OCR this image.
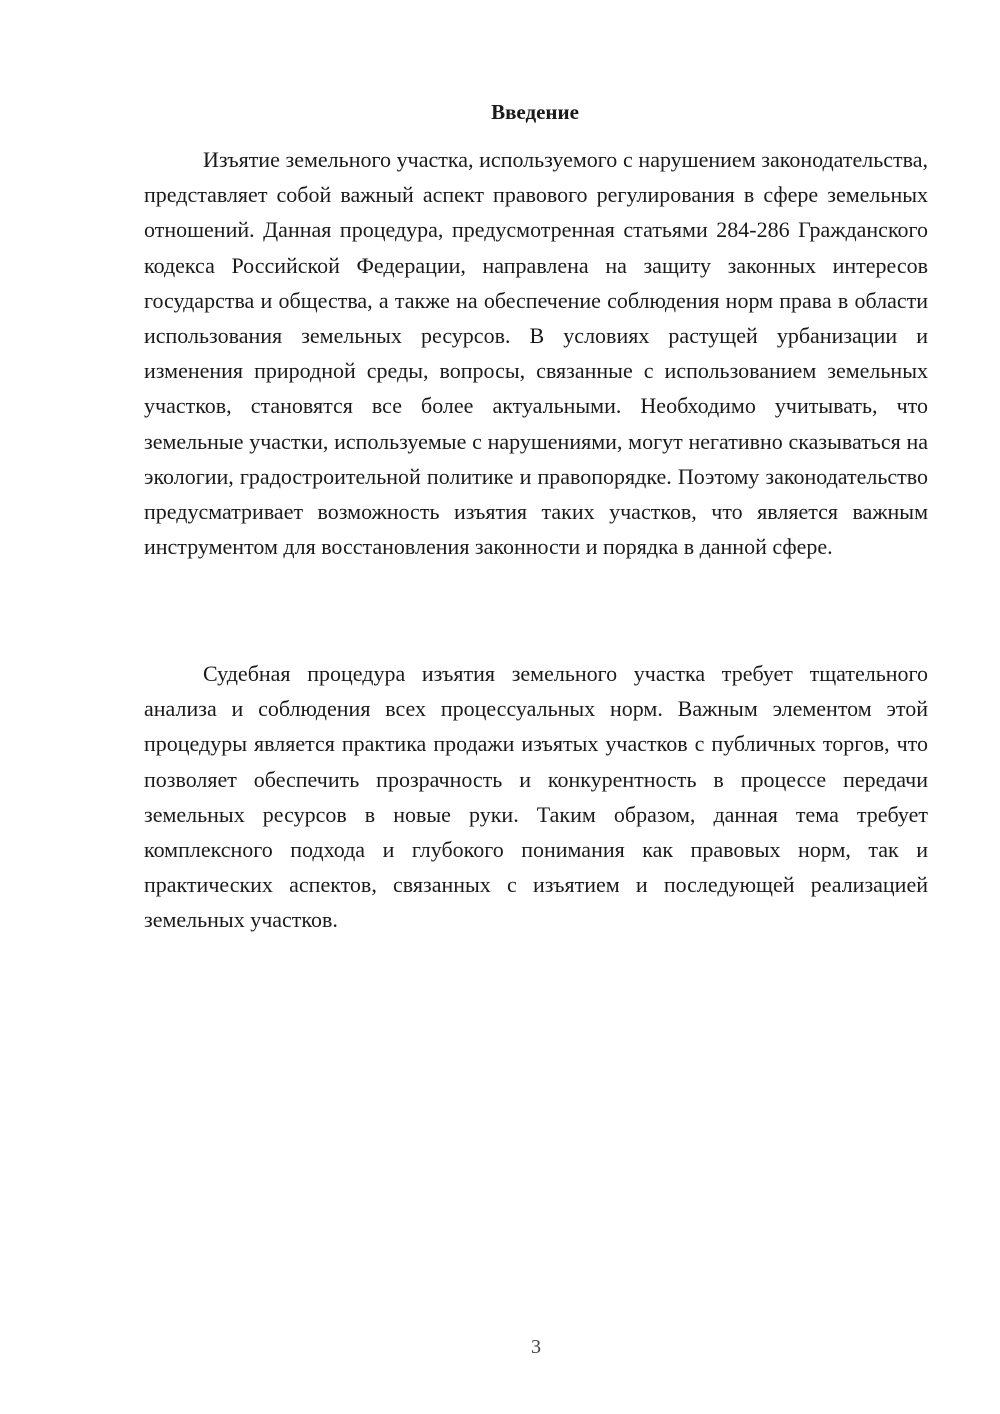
Введение

Изъятие земельного участка, используемого с нарушением законодательства, представляет собой важный аспект правового регулирования в сфере земельных отношений. Данная процедура, предусмотренная статьями 284-286 Гражданского кодекса Российской Федерации, направлена на защиту законных интересов государства и общества, а также на обеспечение соблюдения норм права в области использования земельных ресурсов. В условиях растущей урбанизации и изменения природной среды, вопросы, связанные с использованием земельных участков, становятся все более актуальными. Необходимо учитывать, что земельные участки, используемые с нарушениями, могут негативно сказываться на экологии, градостроительной политике и правопорядке. Поэтому законодательство предусматривает возможность изъятия таких участков, что является важным инструментом для восстановления законности и порядка в данной сфере.

Судебная процедура изъятия земельного участка требует тщательного анализа и соблюдения всех процессуальных норм. Важным элементом этой процедуры является практика продажи изъятых участков с публичных торгов, что позволяет обеспечить прозрачность и конкурентность в процессе передачи земельных ресурсов в новые руки. Таким образом, данная тема требует комплексного подхода и глубокого понимания как правовых норм, так и практических аспектов, связанных с изъятием и последующей реализацией земельных участков.

3
